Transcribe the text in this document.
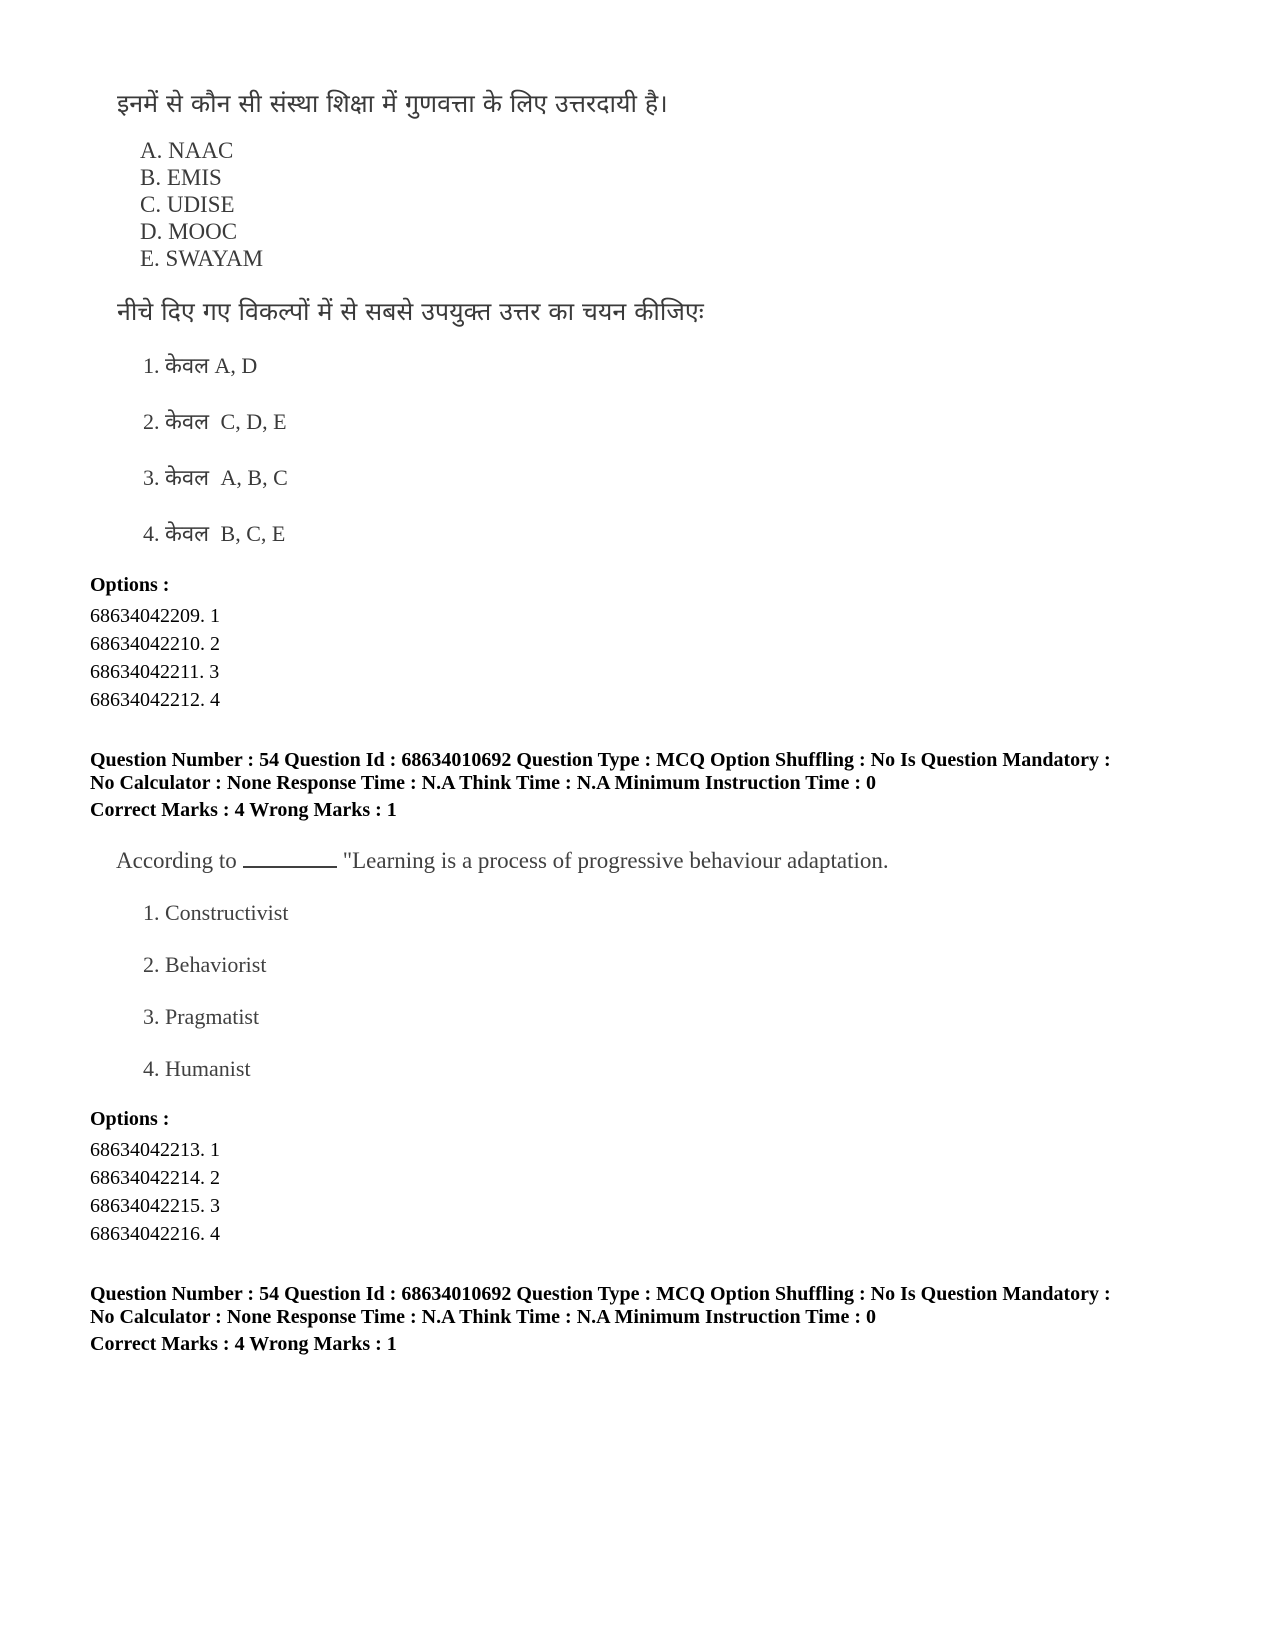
इनमें से कौन सी संस्था शिक्षा में गुणवत्ता के लिए उत्तरदायी है।
A. NAAC
B. EMIS
C. UDISE
D. MOOC
E. SWAYAM
नीचे दिए गए विकल्पों में से सबसे उपयुक्त उत्तर का चयन कीजिएः
1. केवल A, D
2. केवल C, D, E
3. केवल A, B, C
4. केवल B, C, E
Options :
68634042209. 1
68634042210. 2
68634042211. 3
68634042212. 4
Question Number : 54 Question Id : 68634010692 Question Type : MCQ Option Shuffling : No Is Question Mandatory :
No Calculator : None Response Time : N.A Think Time : N.A Minimum Instruction Time : 0
Correct Marks : 4 Wrong Marks : 1
According to	"Learning is a process of progressive behaviour adaptation.
1. Constructivist
2. Behaviorist
3. Pragmatist
4. Humanist
Options :
68634042213. 1
68634042214. 2
68634042215. 3
68634042216. 4
Question Number : 54 Question Id : 68634010692 Question Type : MCQ Option Shuffling : No Is Question Mandatory :
No Calculator : None Response Time : N.A Think Time : N.A Minimum Instruction Time : 0
Correct Marks : 4 Wrong Marks : 1
